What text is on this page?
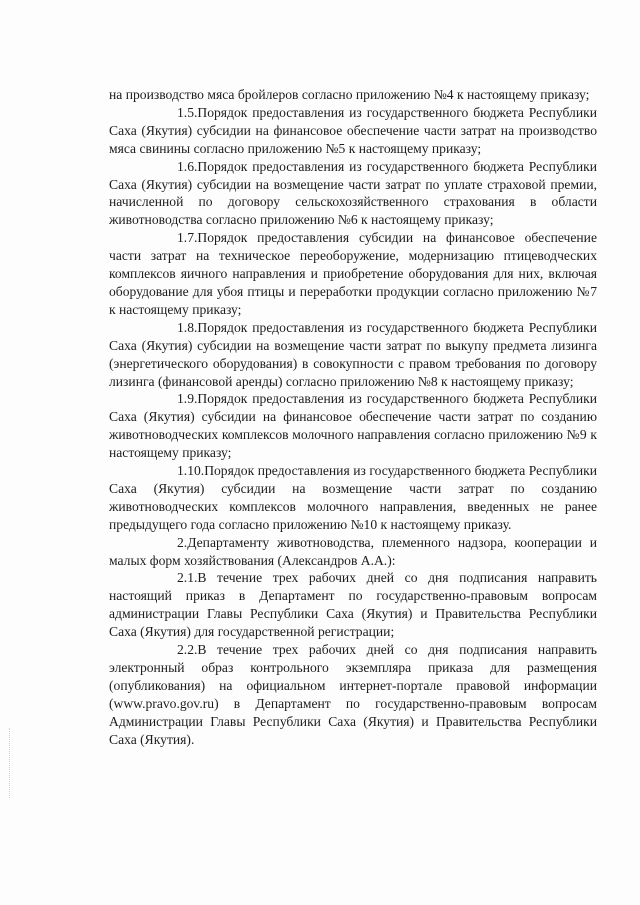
на производство мяса бройлеров согласно приложению №4 к настоящему приказу;

1.5.Порядок предоставления из государственного бюджета Республики Саха (Якутия) субсидии на финансовое обеспечение части затрат на производство мяса свинины согласно приложению №5 к настоящему приказу;

1.6.Порядок предоставления из государственного бюджета Республики Саха (Якутия) субсидии на возмещение части затрат по уплате страховой премии, начисленной по договору сельскохозяйственного страхования в области животноводства согласно приложению №6 к настоящему приказу;

1.7.Порядок предоставления субсидии на финансовое обеспечение части затрат на техническое переоборужение, модернизацию птицеводческих комплексов яичного направления и приобретение оборудования для них, включая оборудование для убоя птицы и переработки продукции согласно приложению №7 к настоящему приказу;

1.8.Порядок предоставления из государственного бюджета Республики Саха (Якутия) субсидии на возмещение части затрат по выкупу предмета лизинга (энергетического оборудования) в совокупности с правом требования по договору лизинга (финансовой аренды) согласно приложению №8 к настоящему приказу;

1.9.Порядок предоставления из государственного бюджета Республики Саха (Якутия) субсидии на финансовое обеспечение части затрат по созданию животноводческих комплексов молочного направления согласно приложению №9 к настоящему приказу;

1.10.Порядок предоставления из государственного бюджета Республики Саха (Якутия) субсидии на возмещение части затрат по созданию животноводческих комплексов молочного направления, введенных не ранее предыдущего года согласно приложению №10 к настоящему приказу.

2.Департаменту животноводства, племенного надзора, кооперации и малых форм хозяйствования (Александров А.А.):

2.1.В течение трех рабочих дней со дня подписания направить настоящий приказ в Департамент по государственно-правовым вопросам администрации Главы Республики Саха (Якутия) и Правительства Республики Саха (Якутия) для государственной регистрации;

2.2.В течение трех рабочих дней со дня подписания направить электронный образ контрольного экземпляра приказа для размещения (опубликования) на официальном интернет-портале правовой информации (www.pravo.gov.ru) в Департамент по государственно-правовым вопросам Администрации Главы Республики Саха (Якутия) и Правительства Республики Саха (Якутия).
